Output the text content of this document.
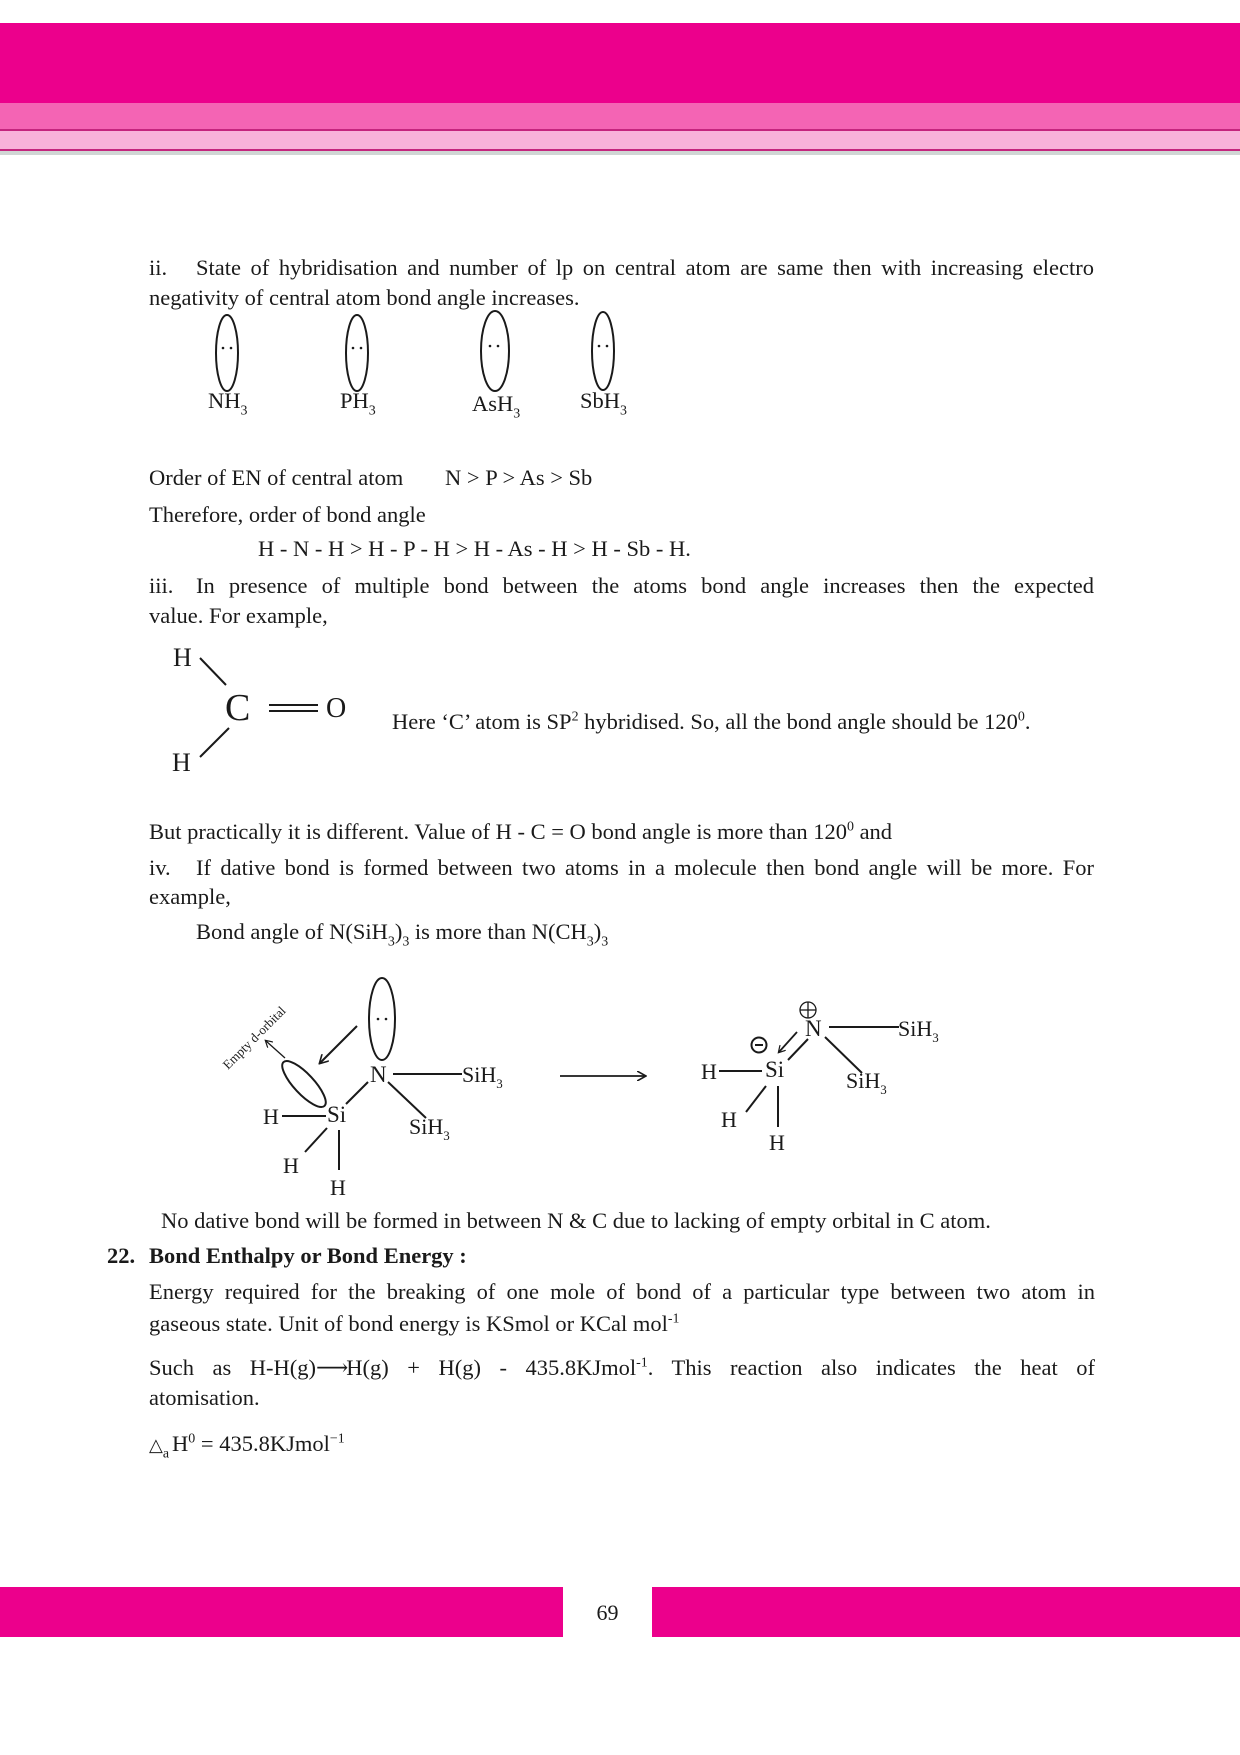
ii. State of hybridisation and number of lp on central atom are same then with increasing electro
negativity of central atom bond angle increases.
$NH_3$	$PH_3$	AsH$_3$
SbH$_3$
Order of EN of central atom N > P > As > Sb
Therefore, order of bond angle
H - N - H > H - P - H > H - As - H > H - Sb - H.
iii. In presence of multiple bond between the atoms bond angle increases then the expected
value. For example,
H
C	O
H
Here ‘C’ atom is $SP^2$ hybridised. So, all the bond angle should be $120^0$.
But practically it is different. Value of H - C = O bond angle is more than $120^0$ and
iv. If dative bond is formed between two atoms in a molecule then bond angle will be more. For
example,
Bond angle of $N(SiH_3)_3$ is more than $N(CH_3)_3$
Empty d-orbital
N
Si
SiH$_3$
SiH$_3$
H
H
H
N
Si
SiH$_3$
SiH$_3$
H
H
H
No dative bond will be formed in between N & C due to lacking of empty orbital in C atom.
22. Bond Enthalpy or Bond Energy :
Energy required for the breaking of one mole of bond of a particular type between two atom in
gaseous state. Unit of bond energy is KSmol or KCal mol$^{-1}$
Such as H-H(g)⟶H(g) + H(g) - 435.8KJmol$^{-1}$. This reaction also indicates the heat of
atomisation.
$\triangle_a$ $H^0$ = 435.8KJmol$^{-1}$
69
